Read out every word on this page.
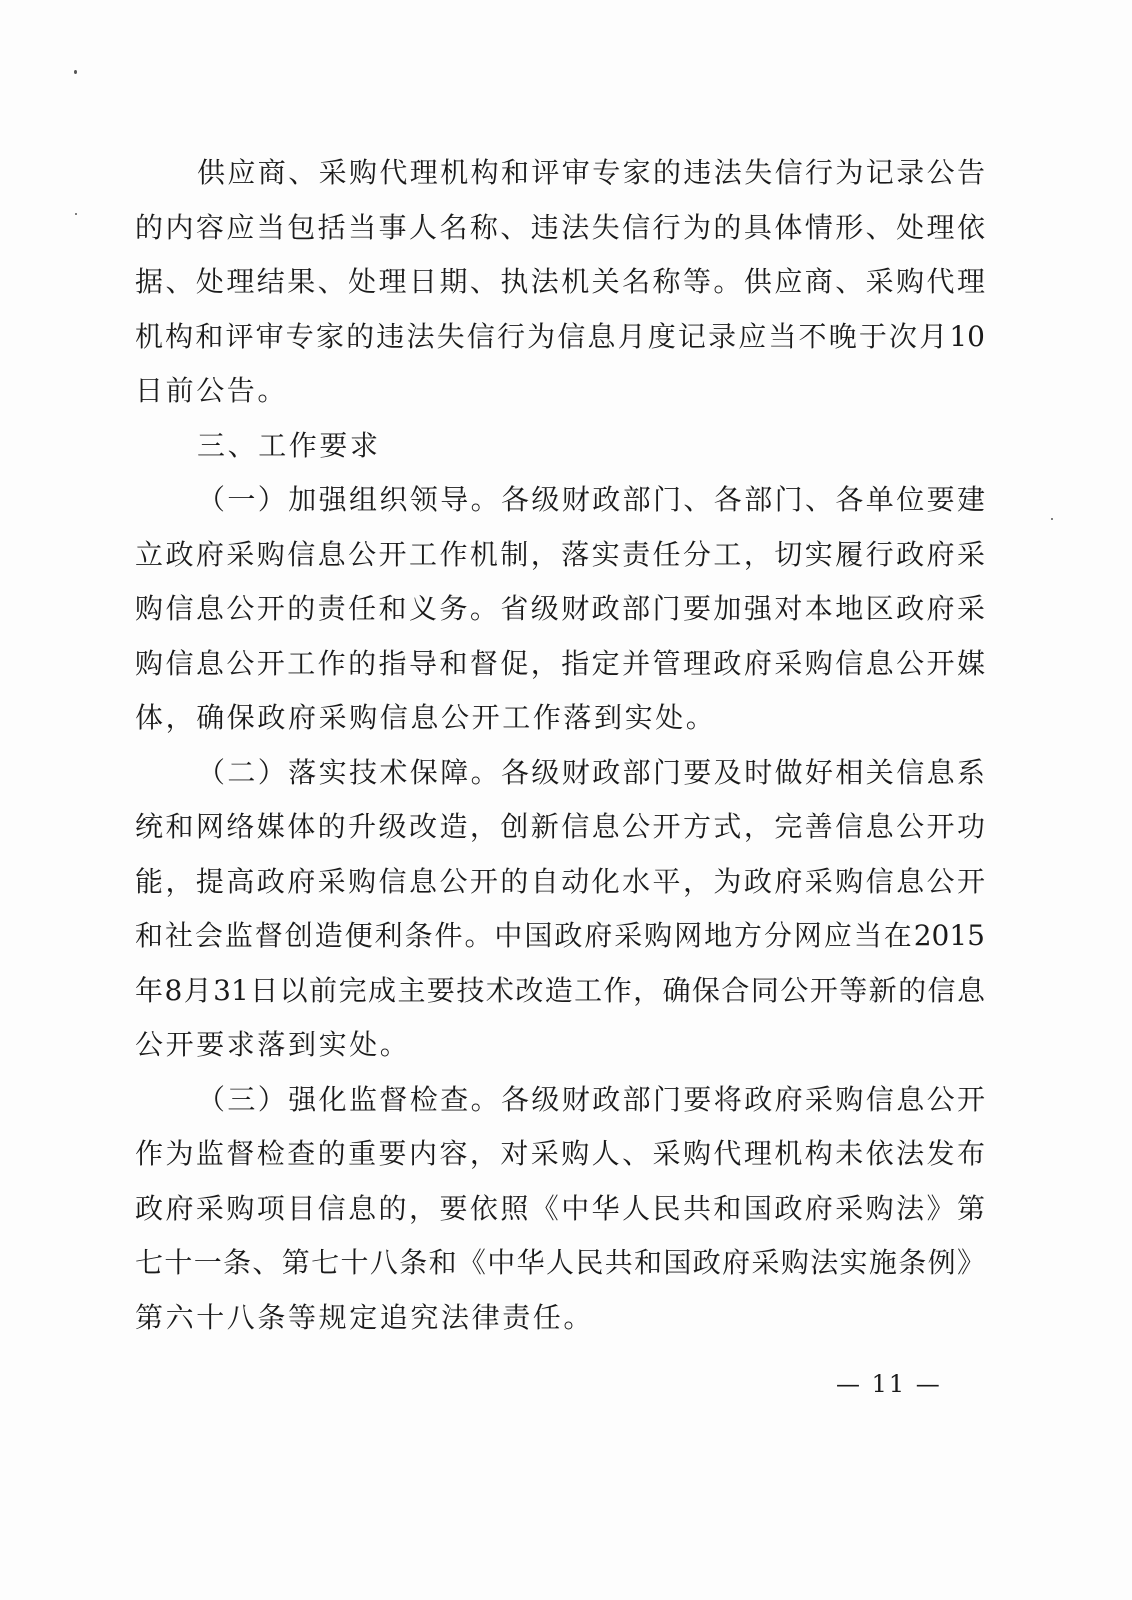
供应商、采购代理机构和评审专家的违法失信行为记录公告
的内容应当包括当事人名称、违法失信行为的具体情形、处理依
据、处理结果、处理日期、执法机关名称等。供应商、采购代理
机构和评审专家的违法失信行为信息月度记录应当不晚于次月10
日前公告。
三、工作要求
（一）加强组织领导。各级财政部门、各部门、各单位要建
立政府采购信息公开工作机制，落实责任分工，切实履行政府采
购信息公开的责任和义务。省级财政部门要加强对本地区政府采
购信息公开工作的指导和督促，指定并管理政府采购信息公开媒
体，确保政府采购信息公开工作落到实处。
（二）落实技术保障。各级财政部门要及时做好相关信息系
统和网络媒体的升级改造，创新信息公开方式，完善信息公开功
能，提高政府采购信息公开的自动化水平，为政府采购信息公开
和社会监督创造便利条件。中国政府采购网地方分网应当在2015
年8月31日以前完成主要技术改造工作，确保合同公开等新的信息
公开要求落到实处。
（三）强化监督检查。各级财政部门要将政府采购信息公开
作为监督检查的重要内容，对采购人、采购代理机构未依法发布
政府采购项目信息的，要依照《中华人民共和国政府采购法》第
七十一条、第七十八条和《中华人民共和国政府采购法实施条例》
第六十八条等规定追究法律责任。
— 11 —
